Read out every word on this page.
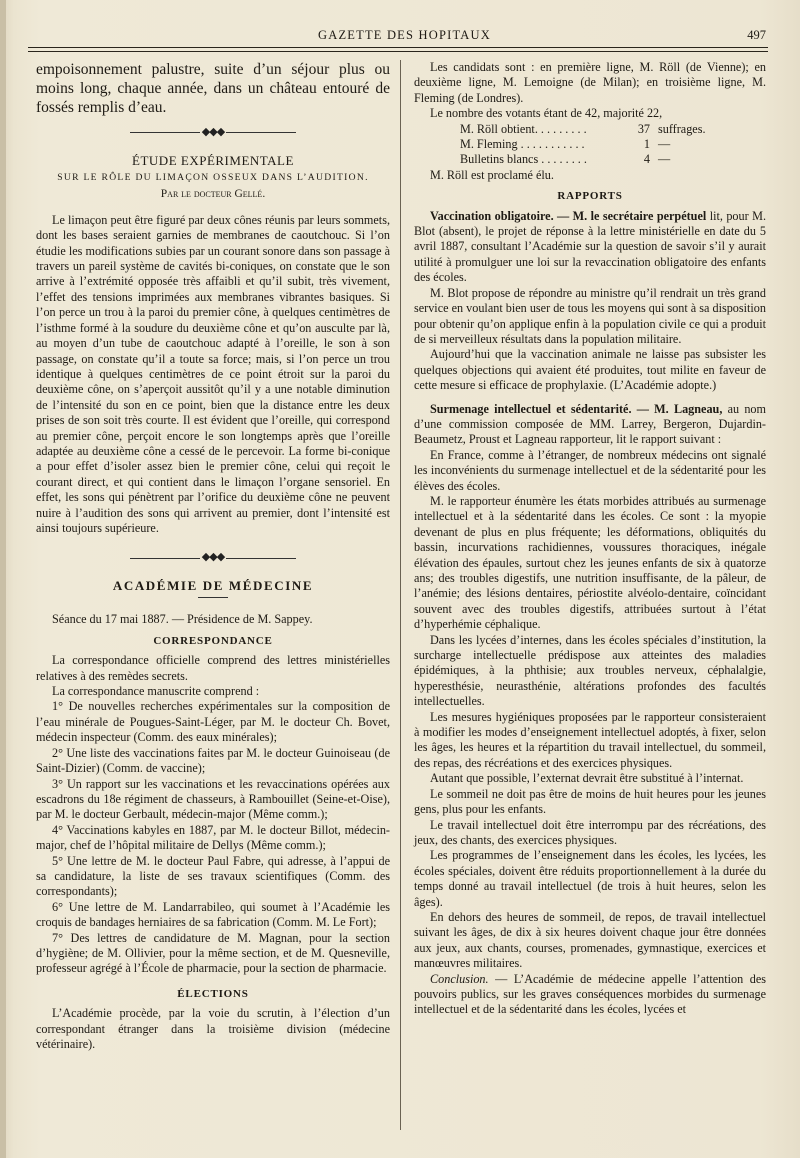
GAZETTE DES HOPITAUX	497

empoisonnement palustre, suite d’un séjour plus ou moins long, chaque année, dans un château entouré de fossés remplis d’eau.

◆◆◆
ÉTUDE EXPÉRIMENTALE
SUR LE RÔLE DU LIMAÇON OSSEUX DANS L’AUDITION.
Par le docteur Gellé.

Le limaçon peut être figuré par deux cônes réunis par leurs sommets, dont les bases seraient garnies de membranes de caoutchouc. Si l’on étudie les modifications subies par un courant sonore dans son passage à travers un pareil système de cavités bi-coniques, on constate que le son arrive à l’extrémité opposée très affaibli et qu’il subit, très vivement, l’effet des tensions imprimées aux membranes vibrantes basiques. Si l’on perce un trou à la paroi du premier cône, à quelques centimètres de l’isthme formé à la soudure du deuxième cône et qu’on ausculte par là, au moyen d’un tube de caoutchouc adapté à l’oreille, le son à son passage, on constate qu’il a toute sa force; mais, si l’on perce un trou identique à quelques centimètres de ce point étroit sur la paroi du deuxième cône, on s’aperçoit aussitôt qu’il y a une notable diminution de l’intensité du son en ce point, bien que la distance entre les deux prises de son soit très courte. Il est évident que l’oreille, qui correspond au premier cône, perçoit encore le son longtemps après que l’oreille adaptée au deuxième cône a cessé de le percevoir. La forme bi-conique a pour effet d’isoler assez bien le premier cône, celui qui reçoit le courant direct, et qui contient dans le limaçon l’organe sensoriel. En effet, les sons qui pénètrent par l’orifice du deuxième cône ne peuvent nuire à l’audition des sons qui arrivent au premier, dont l’intensité est ainsi toujours supérieure.

◆◆◆
ACADÉMIE DE MÉDECINE

Séance du 17 mai 1887. — Présidence de M. Sappey.

CORRESPONDANCE

La correspondance officielle comprend des lettres ministérielles relatives à des remèdes secrets.

La correspondance manuscrite comprend :

1° De nouvelles recherches expérimentales sur la composition de l’eau minérale de Pougues-Saint-Léger, par M. le docteur Ch. Bovet, médecin inspecteur (Comm. des eaux minérales);

2° Une liste des vaccinations faites par M. le docteur Guinoiseau (de Saint-Dizier) (Comm. de vaccine);

3° Un rapport sur les vaccinations et les revaccinations opérées aux escadrons du 18e régiment de chasseurs, à Rambouillet (Seine-et-Oise), par M. le docteur Gerbault, médecin-major (Même comm.);

4° Vaccinations kabyles en 1887, par M. le docteur Billot, médecin-major, chef de l’hôpital militaire de Dellys (Même comm.);

5° Une lettre de M. le docteur Paul Fabre, qui adresse, à l’appui de sa candidature, la liste de ses travaux scientifiques (Comm. des correspondants);

6° Une lettre de M. Landarrabileo, qui soumet à l’Académie les croquis de bandages herniaires de sa fabrication (Comm. M. Le Fort);

7° Des lettres de candidature de M. Magnan, pour la section d’hygiène; de M. Ollivier, pour la même section, et de M. Quesneville, professeur agrégé à l’École de pharmacie, pour la section de pharmacie.

ÉLECTIONS

L’Académie procède, par la voie du scrutin, à l’élection d’un correspondant étranger dans la troisième division (médecine vétérinaire).

Les candidats sont : en première ligne, M. Röll (de Vienne); en deuxième ligne, M. Lemoigne (de Milan); en troisième ligne, M. Fleming (de Londres).

Le nombre des votants étant de 42, majorité 22,

M. Röll obtient. . . . . . . . .	37 suffrages.
M. Fleming . . . . . . . . . . .	1 —
Bulletins blancs . . . . . . . .	4 —

M. Röll est proclamé élu.

RAPPORTS

Vaccination obligatoire. — M. le secrétaire perpétuel lit, pour M. Blot (absent), le projet de réponse à la lettre ministérielle en date du 5 avril 1887, consultant l’Académie sur la question de savoir s’il y aurait utilité à promulguer une loi sur la revaccination obligatoire des enfants des écoles.

M. Blot propose de répondre au ministre qu’il rendrait un très grand service en voulant bien user de tous les moyens qui sont à sa disposition pour obtenir qu’on applique enfin à la population civile ce qui a produit de si merveilleux résultats dans la population militaire.

Aujourd’hui que la vaccination animale ne laisse pas subsister les quelques objections qui avaient été produites, tout milite en faveur de cette mesure si efficace de prophylaxie. (L’Académie adopte.)

Surmenage intellectuel et sédentarité. — M. Lagneau, au nom d’une commission composée de MM. Larrey, Bergeron, Dujardin-Beaumetz, Proust et Lagneau rapporteur, lit le rapport suivant :

En France, comme à l’étranger, de nombreux médecins ont signalé les inconvénients du surmenage intellectuel et de la sédentarité pour les élèves des écoles.

M. le rapporteur énumère les états morbides attribués au surmenage intellectuel et à la sédentarité dans les écoles. Ce sont : la myopie devenant de plus en plus fréquente; les déformations, obliquités du bassin, incurvations rachidiennes, voussures thoraciques, inégale élévation des épaules, surtout chez les jeunes enfants de six à quatorze ans; des troubles digestifs, une nutrition insuffisante, de la pâleur, de l’anémie; des lésions dentaires, périostite alvéolo-dentaire, coïncidant souvent avec des troubles digestifs, attribuées surtout à l’état d’hyperhémie céphalique.

Dans les lycées d’internes, dans les écoles spéciales d’institution, la surcharge intellectuelle prédispose aux atteintes des maladies épidémiques, à la phthisie; aux troubles nerveux, céphalalgie, hyperesthésie, neurasthénie, altérations profondes des facultés intellectuelles.

Les mesures hygiéniques proposées par le rapporteur consisteraient à modifier les modes d’enseignement intellectuel adoptés, à fixer, selon les âges, les heures et la répartition du travail intellectuel, du sommeil, des repas, des récréations et des exercices physiques.

Autant que possible, l’externat devrait être substitué à l’internat.

Le sommeil ne doit pas être de moins de huit heures pour les jeunes gens, plus pour les enfants.

Le travail intellectuel doit être interrompu par des récréations, des jeux, des chants, des exercices physiques.

Les programmes de l’enseignement dans les écoles, les lycées, les écoles spéciales, doivent être réduits proportionnellement à la durée du temps donné au travail intellectuel (de trois à huit heures, selon les âges).

En dehors des heures de sommeil, de repos, de travail intellectuel suivant les âges, de dix à six heures doivent chaque jour être données aux jeux, aux chants, courses, promenades, gymnastique, exercices et manœuvres militaires.

Conclusion. — L’Académie de médecine appelle l’attention des pouvoirs publics, sur les graves conséquences morbides du surmenage intellectuel et de la sédentarité dans les écoles, lycées et
